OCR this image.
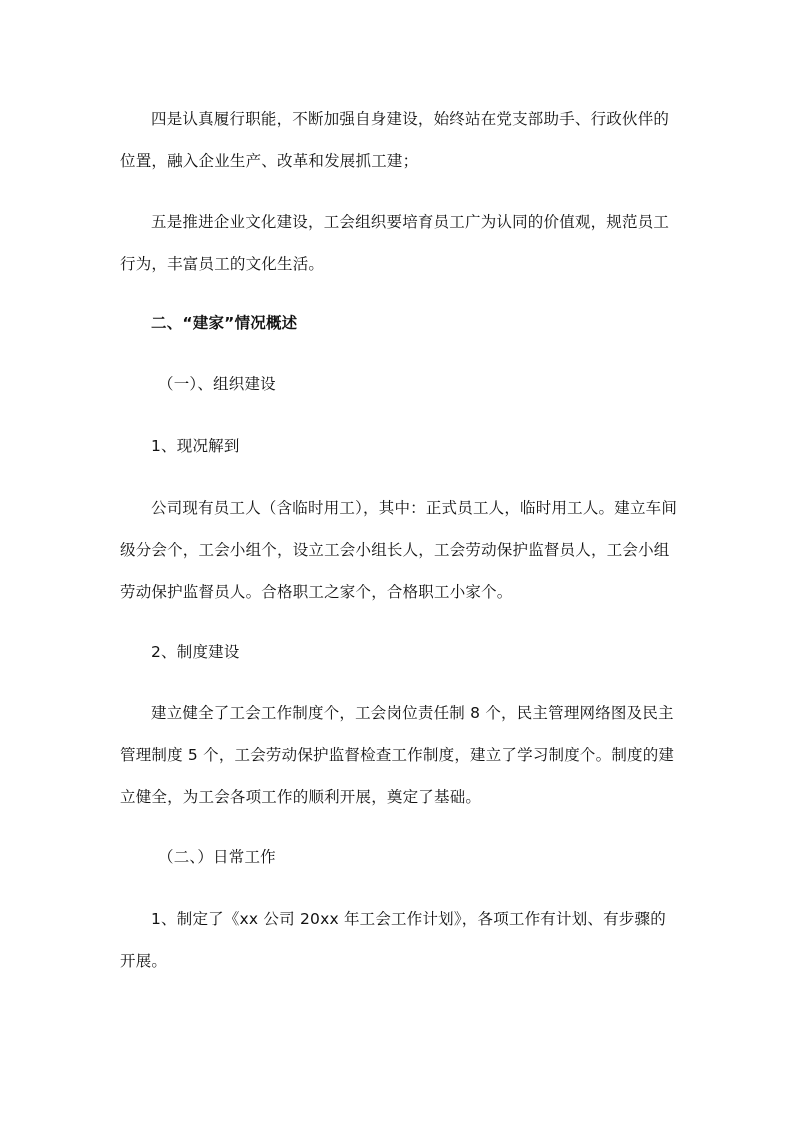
四是认真履行职能，不断加强自身建设，始终站在党支部助手、行政伙伴的位置，融入企业生产、改革和发展抓工建；

五是推进企业文化建设，工会组织要培育员工广为认同的价值观，规范员工行为，丰富员工的文化生活。

二、“建家”情况概述

（一）、组织建设

1、现况解到

公司现有员工人（含临时用工），其中：正式员工人，临时用工人。建立车间级分会个，工会小组个，设立工会小组长人，工会劳动保护监督员人，工会小组劳动保护监督员人。合格职工之家个，合格职工小家个。

2、制度建设

建立健全了工会工作制度个，工会岗位责任制 8 个，民主管理网络图及民主管理制度 5 个，工会劳动保护监督检查工作制度，建立了学习制度个。制度的建立健全，为工会各项工作的顺利开展，奠定了基础。

（二、）日常工作

1、制定了《xx 公司 20xx 年工会工作计划》，各项工作有计划、有步骤的开展。
